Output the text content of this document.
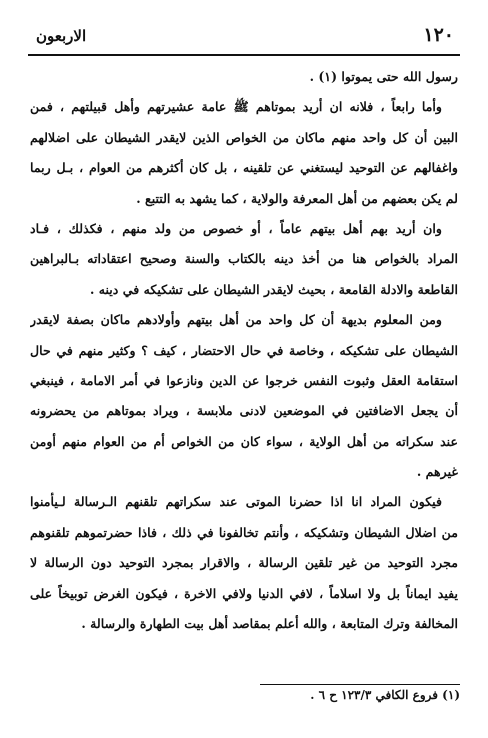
١٢٠
الاربعون
رسول الله حتى يموتوا (١) .
وأما رابعاً ، فلانه ان أريد بموتاهم ﷺ عامة عشيرتهم وأهل قبيلتهم ، فمن
البين أن كل واحد منهم ماكان من الخواص الذين لايقدر الشيطان على اضلالهم
واغفالهم عن التوحيد ليستغني عن تلقينه ، بل كان أكثرهم من العوام ، بـل ربما
لم يكن بعضهم من أهل المعرفة والولاية ، كما يشهد به التتبع .
وان أريد بهم أهل بيتهم عاماً ، أو خصوص من ولد منهم ، فكذلك ، فـاد
المراد بالخواص هنا من أخذ دينه بالكتاب والسنة وصحيح اعتقاداته بـالبراهين
القاطعة والادلة القامعة ، بحيث لايقدر الشيطان على تشكيكه في دينه .
ومن المعلوم بديهة أن كل واحد من أهل بيتهم وأولادهم ماكان بصفة لايقدر
الشيطان على تشكيكه ، وخاصة في حال الاحتضار ، كيف ؟ وكثير منهم في حال
استقامة العقل وثبوت النفس خرجوا عن الدين ونازعوا في أمر الامامة ، فينبغي
أن يجعل الاضافتين في الموضعين لادنى ملابسة ، ويراد بموتاهم من يحضرونه
عند سكراته من أهل الولاية ، سواء كان من الخواص أم من العوام منهم أومن
غيرهم .
فيكون المراد انا اذا حضرنا الموتى عند سكراتهم تلقنهم الـرسالة لـيأمنوا
من اضلال الشيطان وتشكيكه ، وأنتم تخالفونا في ذلك ، فاذا حضرتموهم تلقنوهم
مجرد التوحيد من غير تلقين الرسالة ، والاقرار بمجرد التوحيد دون الرسالة لا
يفيد ايماناً بل ولا اسلاماً ، لافي الدنيا ولافي الاخرة ، فيكون الغرض توبيخاً على
المخالفة وترك المتابعة ، والله أعلم بمقاصد أهل بيت الطهارة والرسالة .
(١) فروع الكافي ١٢٣/٣ ح ٦ .
